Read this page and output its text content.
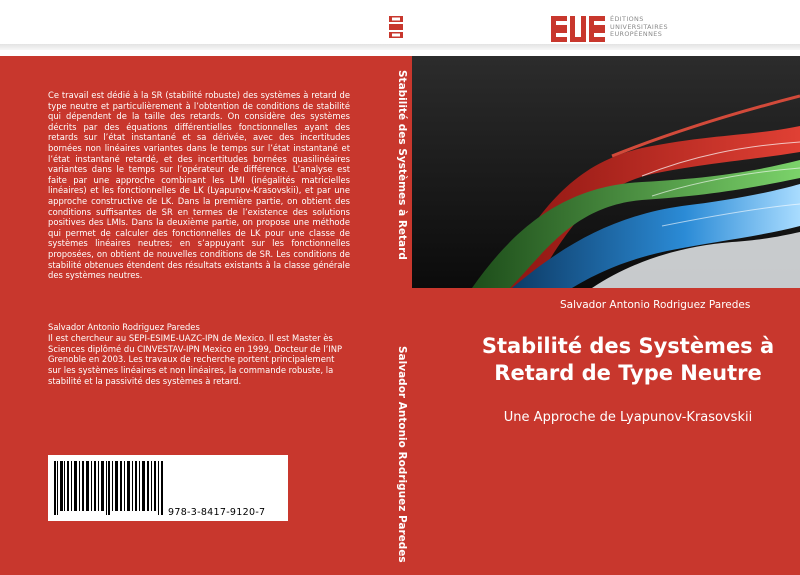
ÉDITIONS
UNIVERSITAIRES
EUROPÉENNES

Ce travail est dédié à la SR (stabilité robuste) des systèmes à retard de type neutre et particulièrement à l’obtention de conditions de stabilité qui dépendent de la taille des retards. On considère des systèmes décrits par des équations différentielles fonctionnelles ayant des retards sur l’état instantané et sa dérivée, avec des incertitudes bornées non linéaires variantes dans le temps sur l’état instantané et l’état instantané retardé, et des incertitudes bornées quasilinéaires variantes dans le temps sur l’opérateur de différence. L’analyse est faite par une approche combinant les LMI (inégalités matricielles linéaires) et les fonctionnelles de LK (Lyapunov-Krasovskii), et par une approche constructive de LK. Dans la première partie, on obtient des conditions suffisantes de SR en termes de l’existence des solutions positives des LMIs. Dans la deuxième partie, on propose une méthode qui permet de calculer des fonctionnelles de LK pour une classe de systèmes linéaires neutres; en s’appuyant sur les fonctionnelles proposées, on obtient de nouvelles conditions de SR. Les conditions de stabilité obtenues étendent des résultats existants à la classe générale des systèmes neutres.

Salvador Antonio Rodriguez Paredes

Il est chercheur au SEPI-ESIME-UAZC-IPN de Mexico. Il est Master ès Sciences diplômé du CINVESTAV-IPN Mexico en 1999, Docteur de l’INP Grenoble en 2003. Les travaux de recherche portent principalement sur les systèmes linéaires et non linéaires, la commande robuste, la stabilité et la passivité des systèmes à retard.

978-3-8417-9120-7
Stabilité des Systèmes à Retard
Salvador Antonio Rodriguez Paredes
Salvador Antonio Rodriguez Paredes
Stabilité des Systèmes à
Retard de Type Neutre
Une Approche de Lyapunov-Krasovskii
